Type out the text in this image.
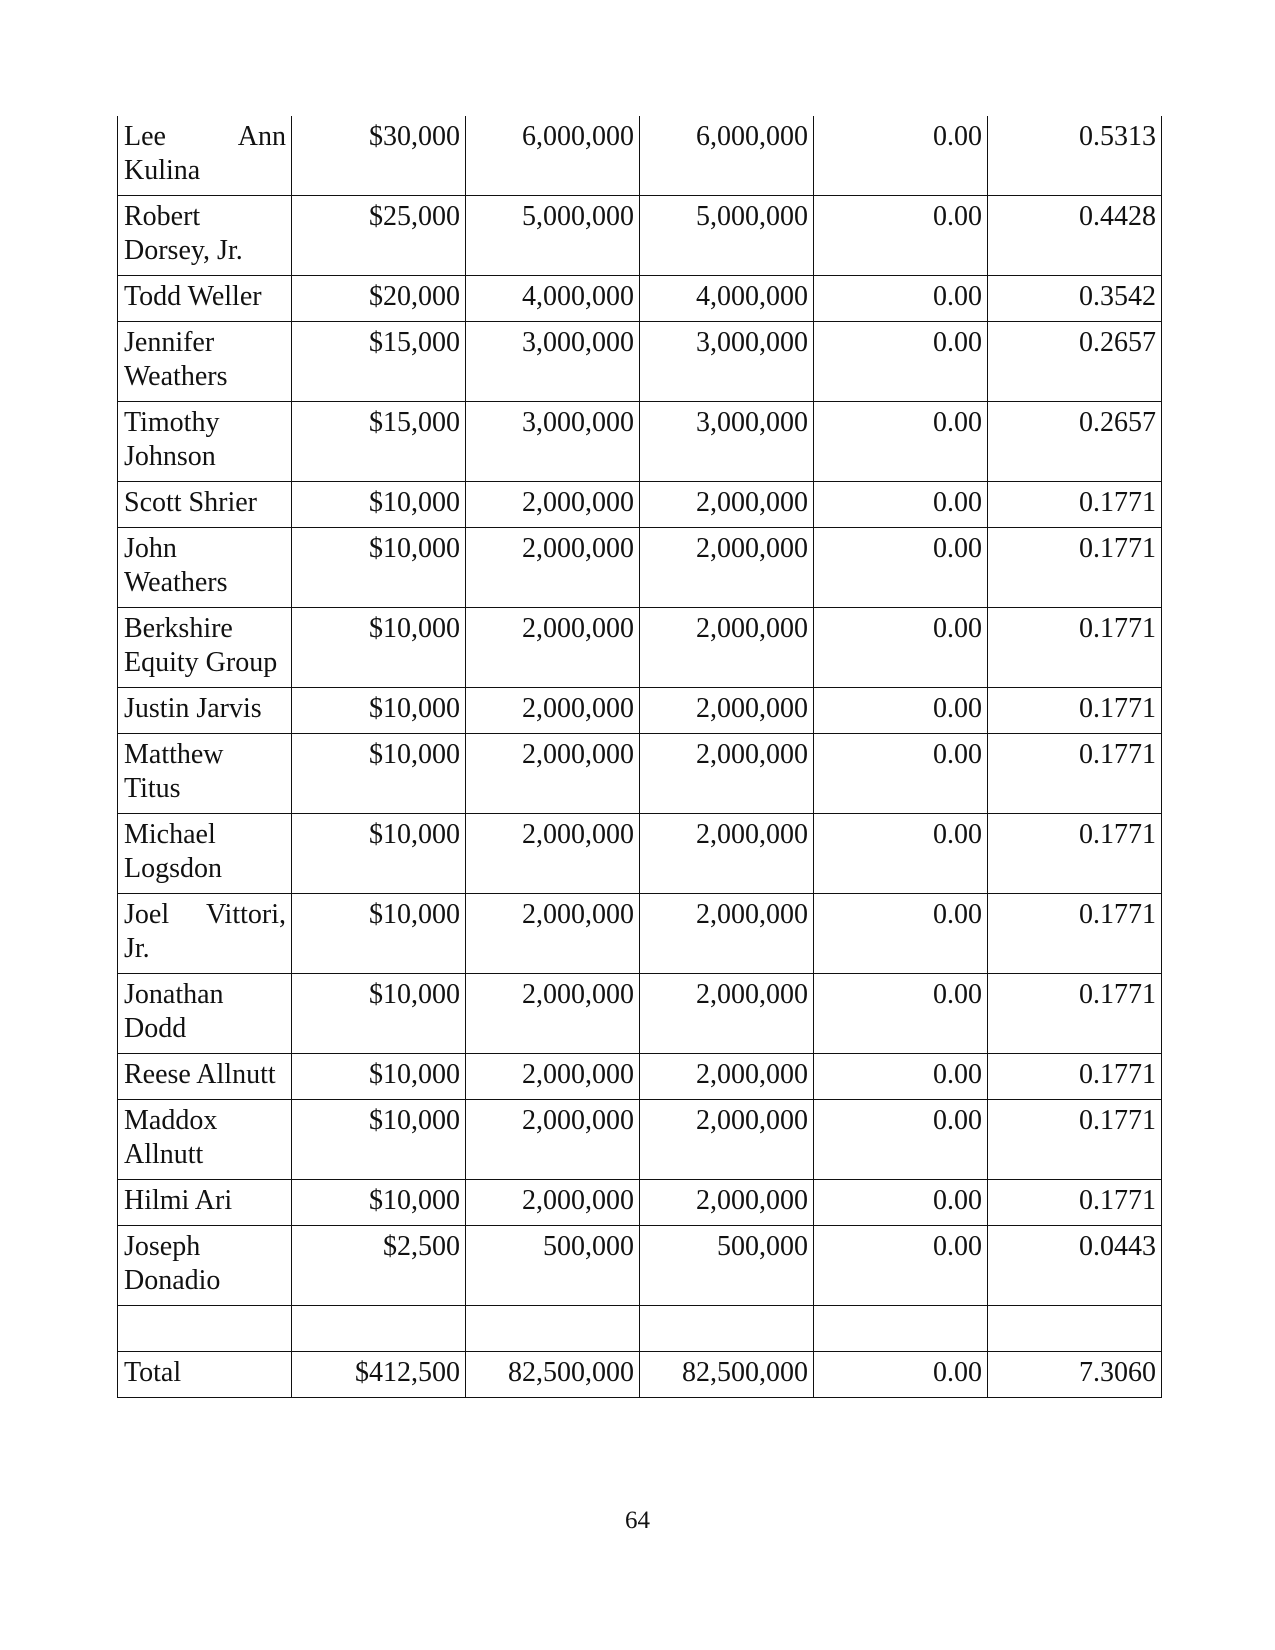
Lee Ann Kulina	$30,000	6,000,000	6,000,000	0.00	0.5313
Robert Dorsey, Jr.	$25,000	5,000,000	5,000,000	0.00	0.4428
Todd Weller	$20,000	4,000,000	4,000,000	0.00	0.3542
Jennifer Weathers	$15,000	3,000,000	3,000,000	0.00	0.2657
Timothy Johnson	$15,000	3,000,000	3,000,000	0.00	0.2657
Scott Shrier	$10,000	2,000,000	2,000,000	0.00	0.1771
John Weathers	$10,000	2,000,000	2,000,000	0.00	0.1771
Berkshire Equity Group	$10,000	2,000,000	2,000,000	0.00	0.1771
Justin Jarvis	$10,000	2,000,000	2,000,000	0.00	0.1771
Matthew Titus	$10,000	2,000,000	2,000,000	0.00	0.1771
Michael Logsdon	$10,000	2,000,000	2,000,000	0.00	0.1771
Joel Vittori, Jr.	$10,000	2,000,000	2,000,000	0.00	0.1771
Jonathan Dodd	$10,000	2,000,000	2,000,000	0.00	0.1771
Reese Allnutt	$10,000	2,000,000	2,000,000	0.00	0.1771
Maddox Allnutt	$10,000	2,000,000	2,000,000	0.00	0.1771
Hilmi Ari	$10,000	2,000,000	2,000,000	0.00	0.1771
Joseph Donadio	$2,500	500,000	500,000	0.00	0.0443

Total	$412,500	82,500,000	82,500,000	0.00	7.3060
64
